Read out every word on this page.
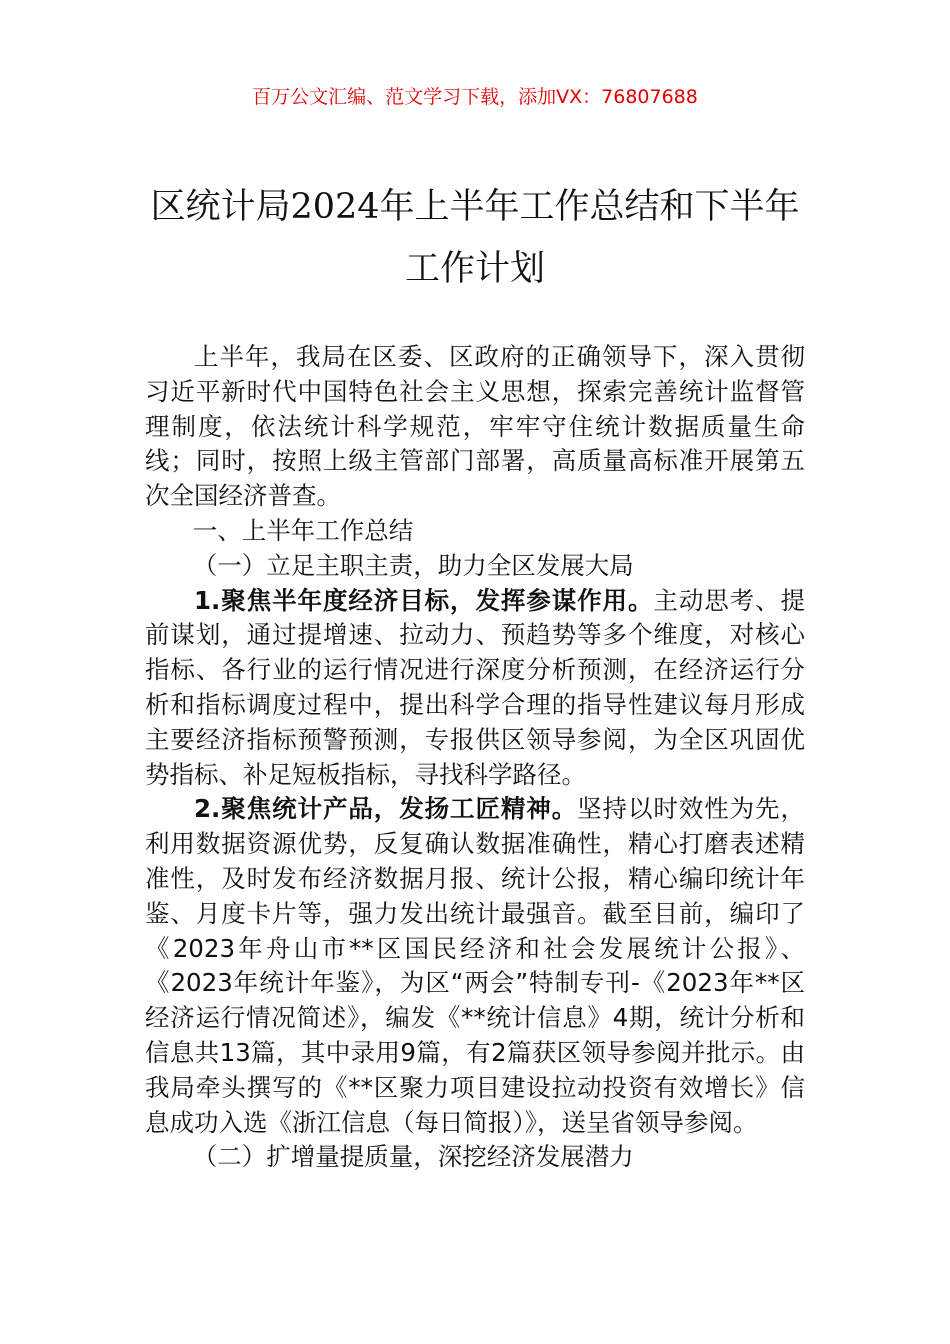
百万公文汇编、范文学习下载，添加VX：76807688
区统计局2024年上半年工作总结和下半年
工作计划

上半年，我局在区委、区政府的正确领导下，深入贯彻习近平新时代中国特色社会主义思想，探索完善统计监督管理制度，依法统计科学规范，牢牢守住统计数据质量生命线；同时，按照上级主管部门部署，高质量高标准开展第五次全国经济普查。

一、上半年工作总结

（一）立足主职主责，助力全区发展大局

1.聚焦半年度经济目标，发挥参谋作用。主动思考、提前谋划，通过提增速、拉动力、预趋势等多个维度，对核心指标、各行业的运行情况进行深度分析预测，在经济运行分析和指标调度过程中，提出科学合理的指导性建议每月形成主要经济指标预警预测，专报供区领导参阅，为全区巩固优势指标、补足短板指标，寻找科学路径。

2.聚焦统计产品，发扬工匠精神。坚持以时效性为先，利用数据资源优势，反复确认数据准确性，精心打磨表述精准性，及时发布经济数据月报、统计公报，精心编印统计年鉴、月度卡片等，强力发出统计最强音。截至目前，编印了《2023年舟山市**区国民经济和社会发展统计公报》、《2023年统计年鉴》，为区“两会”特制专刊-《2023年**区经济运行情况简述》，编发《**统计信息》4期，统计分析和信息共13篇，其中录用9篇，有2篇获区领导参阅并批示。由我局牵头撰写的《**区聚力项目建设拉动投资有效增长》信息成功入选《浙江信息（每日简报）》，送呈省领导参阅。

（二）扩增量提质量，深挖经济发展潜力
